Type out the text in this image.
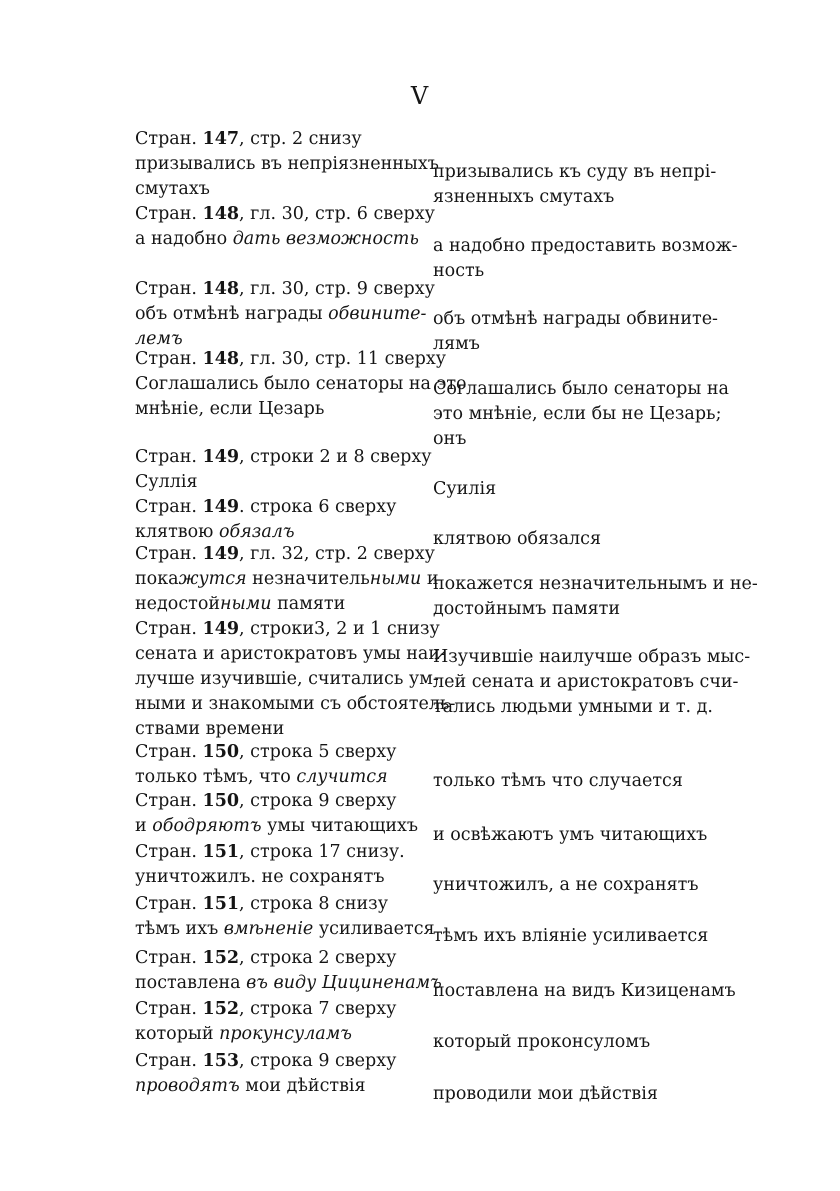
V
Стран. 147, стр. 2 снизу
призывались въ непріязненныхъ
смутахъ
Стран. 148, гл. 30, стр. 6 сверху
а надобно дать везможность
Стран. 148, гл. 30, стр. 9 сверху
объ отмѣнѣ награды обвините-
лемъ
Стран. 148, гл. 30, стр. 11 сверху
Соглашались было сенаторы на это
мнѣніе, если Цезарь
Стран. 149, строки 2 и 8 сверху
Суллія
Стран. 149. строка 6 сверху
клятвою обязалъ
Стран. 149, гл. 32, стр. 2 сверху
покажутся незначительными и
недостойными памяти
Стран. 149, строки3, 2 и 1 снизу
сената и аристократовъ умы наи-
лучше изучившіе, считались ум-
ными и знакомыми съ обстоятель-
ствами времени
Стран. 150, строка 5 сверху
только тѣмъ, что случится
Стран. 150, строка 9 сверху
и ободряютъ умы читающихъ
Стран. 151, строка 17 снизу.
уничтожилъ. не сохранятъ
Стран. 151, строка 8 снизу
тѣмъ ихъ вмѣненіе усиливается
Стран. 152, строка 2 сверху
поставлена въ виду Цициненамъ
Стран. 152, строка 7 сверху
который прокунсуламъ
Стран. 153, строка 9 сверху
проводятъ мои дѣйствія
призывались къ суду въ непрі-
язненныхъ смутахъ
а надобно предоставить возмож-
ность
объ отмѣнѣ награды обвините-
лямъ
Соглашались было сенаторы на
это мнѣніе, если бы не Цезарь;
онъ
Суилія
клятвою обязался
покажется незначительнымъ и не-
достойнымъ памяти
Изучившіе наилучше образъ мыс-
лей сената и аристократовъ счи-
тались людьми умными и т. д.
только тѣмъ что случается
и освѣжаютъ умъ читающихъ
уничтожилъ, а не сохранятъ
тѣмъ ихъ вліяніе усиливается
поставлена на видъ Кизиценамъ
который проконсуломъ
проводили мои дѣйствія
